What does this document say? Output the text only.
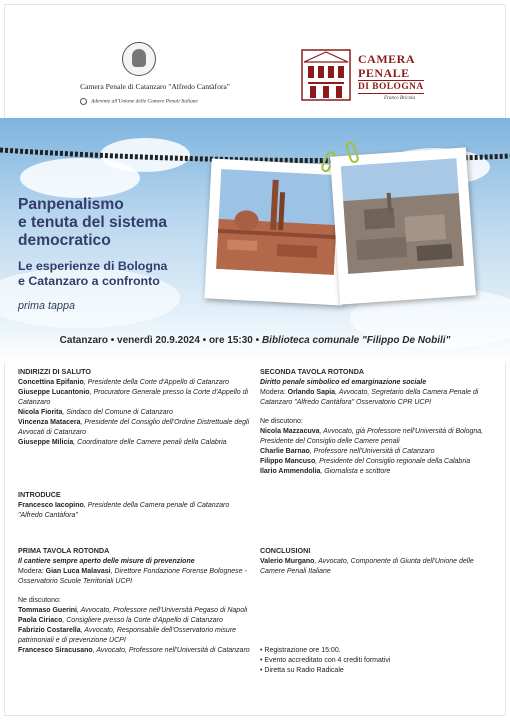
Camera Penale di Catanzaro "Alfredo Cantàfora"
Aderente all'Unione delle Camere Penali Italiane
CAMERA
PENALE
DI BOLOGNA
Franco Bricola
Panpenalismo
e tenuta del sistema
democratico
Le esperienze di Bologna
e Catanzaro a confronto
prima tappa
Catanzaro • venerdì 20.9.2024 • ore 15:30 • Biblioteca comunale "Filippo De Nobili"
INDIRIZZI DI SALUTO

Concettina Epifanio, Presidente della Corte d'Appello di Catanzaro

Giuseppe Lucantonio, Procuratore Generale presso la Corte d'Appello di Catanzaro

Nicola Fiorita, Sindaco del Comune di Catanzaro

Vincenza Matacera, Presidente del Consiglio dell'Ordine Distrettuale degli Avvocati di Catanzaro

Giuseppe Milicia, Coordinatore delle Camere penali della Calabria

INTRODUCE

Francesco Iacopino, Presidente della Camera penale di Catanzaro "Alfredo Cantàfora"

PRIMA TAVOLA ROTONDA

Il cantiere sempre aperto delle misure di prevenzione

Modera: Gian Luca Malavasi, Direttore Fondazione Forense Bolognese - Osservatorio Scuole Territoriali UCPI

Ne discutono:

Tommaso Guerini, Avvocato, Professore nell'Università Pegaso di Napoli

Paola Ciriaco, Consigliere presso la Corte d'Appello di Catanzaro

Fabrizio Costarella, Avvocato, Responsabile dell'Osservatorio misure patrimoniali e di prevenzione UCPI

Francesco Siracusano, Avvocato, Professore nell'Università di Catanzaro

SECONDA TAVOLA ROTONDA

Diritto penale simbolico ed emarginazione sociale

Modera: Orlando Sapia, Avvocato, Segretario della Camera Penale di Catanzaro "Alfredo Cantàfora" Osservatorio CPR UCPI

Ne discutono:

Nicola Mazzacuva, Avvocato, già Professore nell'Università di Bologna, Presidente del Consiglio delle Camere penali

Charlie Barnao, Professore nell'Università di Catanzaro

Filippo Mancuso, Presidente del Consiglio regionale della Calabria

Ilario Ammendolia, Giornalista e scrittore

CONCLUSIONI

Valerio Murgano, Avvocato, Componente di Giunta dell'Unione delle Camere Penali Italiane

• Registrazione ore 15:00.

• Evento accreditato con 4 crediti formativi

• Diretta su Radio Radicale
